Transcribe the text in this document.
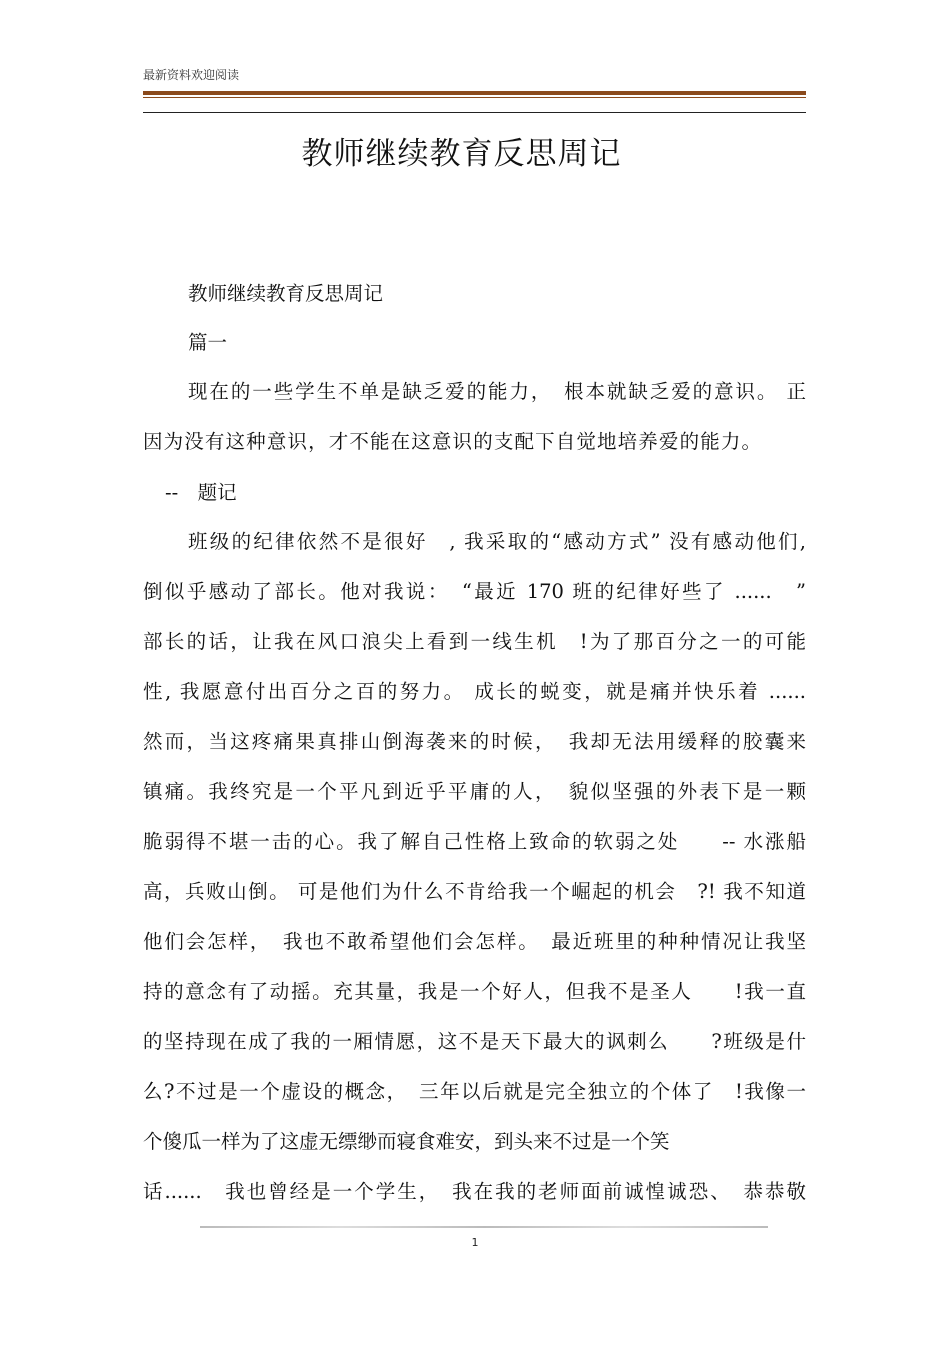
最新资料欢迎阅读
教师继续教育反思周记
教师继续教育反思周记
篇一
现在的一些学生不单是缺乏爱的能力，　根本就缺乏爱的意识。 正
因为没有这种意识，才不能在这意识的支配下自觉地培养爱的能力。
--　题记
班级的纪律依然不是很好　, 我采取的“感动方式” 没有感动他们,
倒似乎感动了部长。他对我说：　“最近 170 班的纪律好些了 ......　”
部长的话，让我在风口浪尖上看到一线生机　!为了那百分之一的可能
性, 我愿意付出百分之百的努力。 成长的蜕变，就是痛并快乐着 ......
然而，当这疼痛果真排山倒海袭来的时候，　我却无法用缓释的胶囊来
镇痛。我终究是一个平凡到近乎平庸的人，　貌似坚强的外表下是一颗
脆弱得不堪一击的心。我了解自己性格上致命的软弱之处　　-- 水涨船
高，兵败山倒。 可是他们为什么不肯给我一个崛起的机会　?! 我不知道
他们会怎样，　我也不敢希望他们会怎样。　最近班里的种种情况让我坚
持的意念有了动摇。充其量，我是一个好人，但我不是圣人　　!我一直
的坚持现在成了我的一厢情愿，这不是天下最大的讽刺么　　?班级是什
么?不过是一个虚设的概念，　三年以后就是完全独立的个体了　!我像一
个傻瓜一样为了这虚无缥缈而寝食难安，到头来不过是一个笑
话......　我也曾经是一个学生，　我在我的老师面前诚惶诚恐、　恭恭敬
1
